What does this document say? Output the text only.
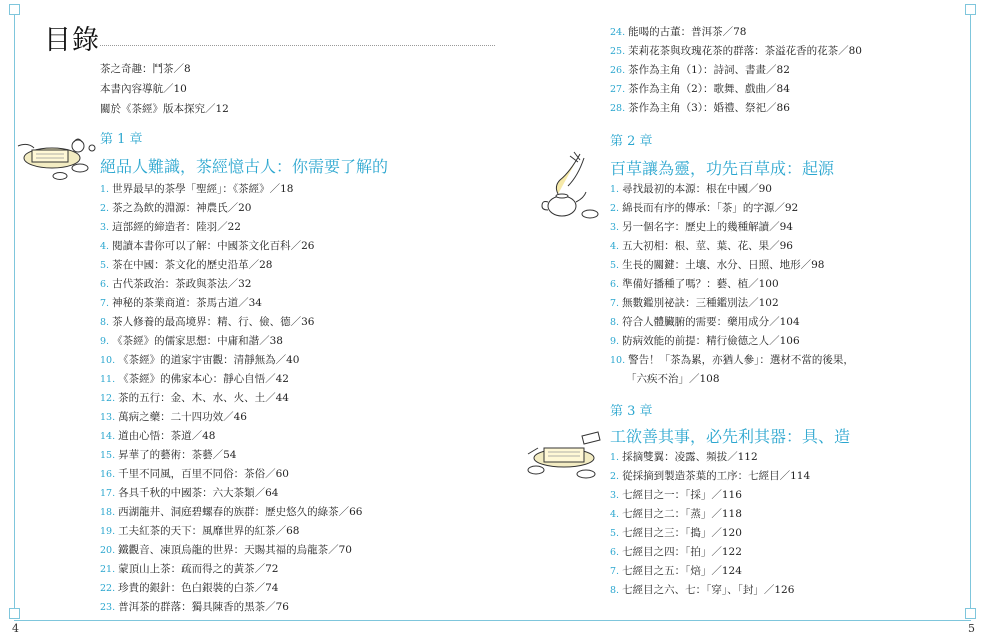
4	5
目錄
茶之奇趣：鬥茶／8
本書內容導航／10
關於《茶經》版本探究／12
第 1 章
絕品人難識，茶經憶古人：你需要了解的
1. 世界最早的茶學「聖經」：《茶經》／18
2. 茶之為飲的淵源：神農氏／20
3. 這部經的締造者：陸羽／22
4. 閱讀本書你可以了解：中國茶文化百科／26
5. 茶在中國：茶文化的歷史沿革／28
6. 古代茶政治：茶政與茶法／32
7. 神秘的茶業商道：茶馬古道／34
8. 茶人修養的最高境界：精、行、儉、德／36
9. 《茶經》的儒家思想：中庸和諧／38
10. 《茶經》的道家宇宙觀：清靜無為／40
11. 《茶經》的佛家本心：靜心自悟／42
12. 茶的五行：金、木、水、火、土／44
13. 萬病之藥：二十四功效／46
14. 道由心悟：茶道／48
15. 昇華了的藝術：茶藝／54
16. 千里不同風，百里不同俗：茶俗／60
17. 各具千秋的中國茶：六大茶類／64
18. 西湖龍井、洞庭碧螺春的族群：歷史悠久的綠茶／66
19. 工夫紅茶的天下：風靡世界的紅茶／68
20. 鐵觀音、凍頂烏龍的世界：天賜其福的烏龍茶／70
21. 蒙頂山上茶：疏而得之的黃茶／72
22. 珍貴的銀針：色白銀裝的白茶／74
23. 普洱茶的群落：獨具陳香的黑茶／76
24. 能喝的古董：普洱茶／78
25. 茉莉花茶與玫瑰花茶的群落：茶溢花香的花茶／80
26. 茶作為主角（1）：詩詞、書畫／82
27. 茶作為主角（2）：歌舞、戲曲／84
28. 茶作為主角（3）：婚禮、祭祀／86
第 2 章
百草讓為靈，功先百草成：起源
1. 尋找最初的本源：根在中國／90
2. 綿長而有序的傳承：「茶」的字源／92
3. 另一個名字：歷史上的幾種解讀／94
4. 五大初相：根、莖、葉、花、果／96
5. 生長的關鍵：土壤、水分、日照、地形／98
6. 準備好播種了嗎？：藝、植／100
7. 無數鑑別祕訣：三種鑑別法／102
8. 符合人體臟腑的需要：藥用成分／104
9. 防病效能的前提：精行儉德之人／106
10. 警告！「茶為累，亦猶人參」：選材不當的後果，
「六疾不治」／108
第 3 章
工欲善其事，必先利其器：具、造
1. 採摘雙翼：凌露、頻拔／112
2. 從採摘到製造茶葉的工序：七經目／114
3. 七經目之一：「採」／116
4. 七經目之二：「蒸」／118
5. 七經目之三：「搗」／120
6. 七經目之四：「拍」／122
7. 七經目之五：「焙」／124
8. 七經目之六、七：「穿」、「封」／126
